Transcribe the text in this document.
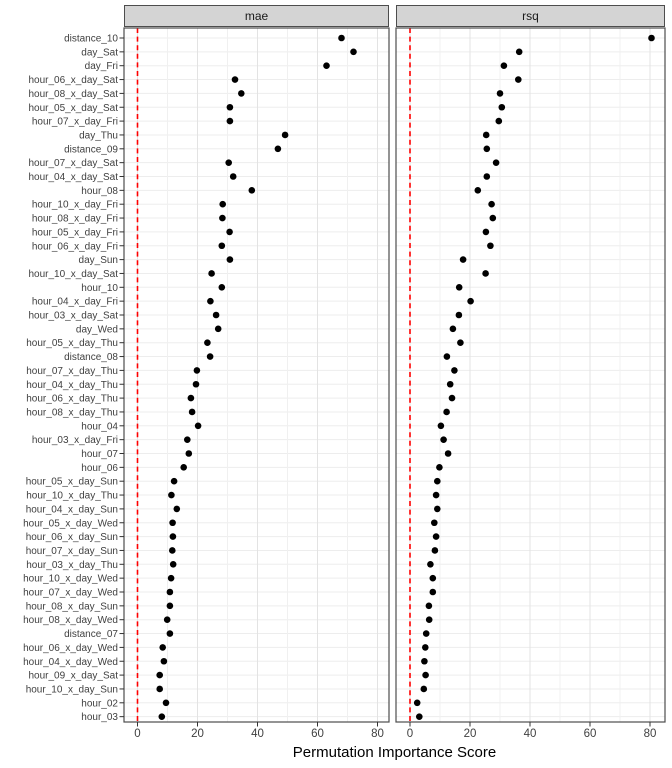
0	20	40	60	80 0	20	40	60	80
distance_10
day_Sat
day_Fri
hour_06_x_day_Sat
hour_08_x_day_Sat
hour_05_x_day_Sat
hour_07_x_day_Fri
day_Thu
distance_09
hour_07_x_day_Sat
hour_04_x_day_Sat
hour_08
hour_10_x_day_Fri
hour_08_x_day_Fri
hour_05_x_day_Fri
hour_06_x_day_Fri
day_Sun
hour_10_x_day_Sat
hour_10
hour_04_x_day_Fri
hour_03_x_day_Sat
day_Wed
hour_05_x_day_Thu
distance_08
hour_07_x_day_Thu
hour_04_x_day_Thu
hour_06_x_day_Thu
hour_08_x_day_Thu
hour_04
hour_03_x_day_Fri
hour_07
hour_06
hour_05_x_day_Sun
hour_10_x_day_Thu
hour_04_x_day_Sun
hour_05_x_day_Wed
hour_06_x_day_Sun
hour_07_x_day_Sun
hour_03_x_day_Thu
hour_10_x_day_Wed
hour_07_x_day_Wed
hour_08_x_day_Sun
hour_08_x_day_Wed
distance_07
hour_06_x_day_Wed
hour_04_x_day_Wed
hour_09_x_day_Sat
hour_10_x_day_Sun
hour_02
hour_03
mae	rsq
Permutation Importance Score
